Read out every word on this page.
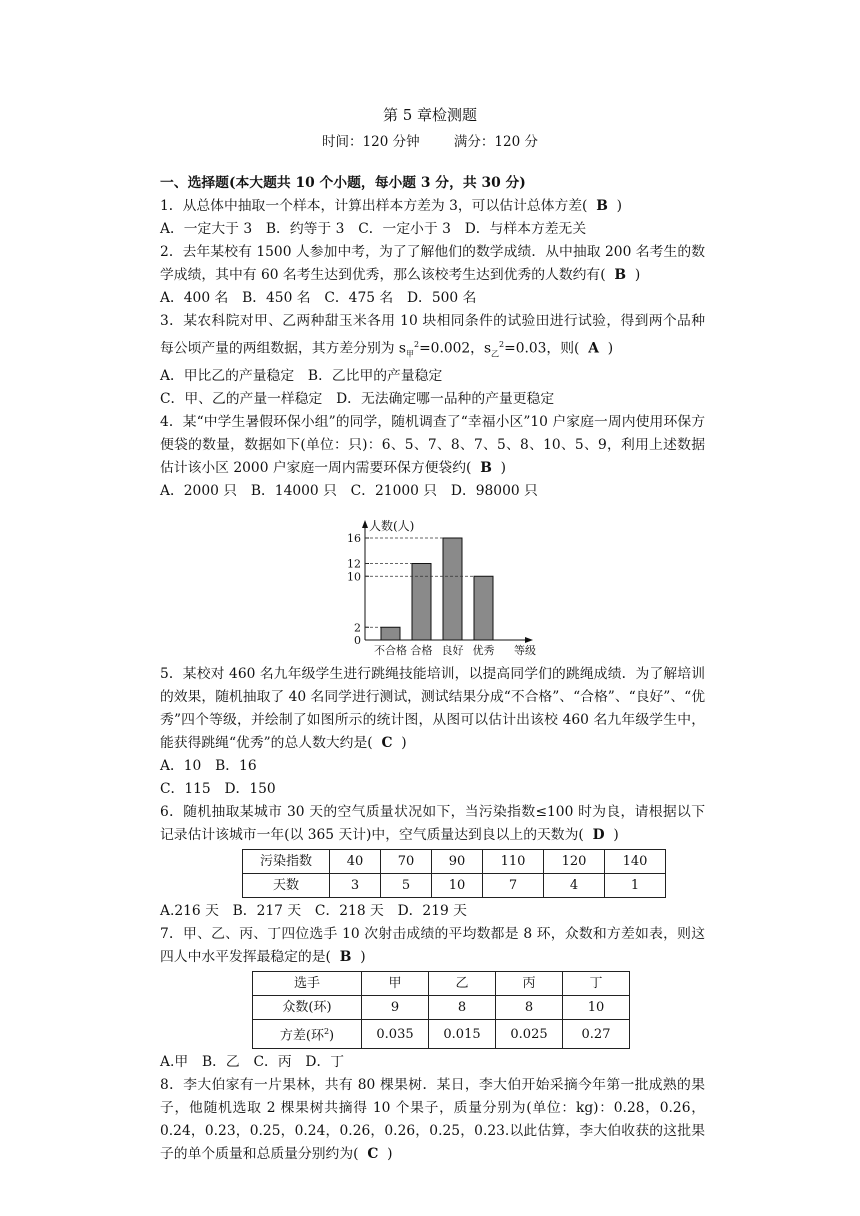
第 5 章检测题
时间：120 分钟        满分：120 分

一、选择题(本大题共 10 个小题，每小题 3 分，共 30 分)

1．从总体中抽取一个样本，计算出样本方差为 3，可以估计总体方差( B )

A．一定大于 3　B．约等于 3　C．一定小于 3　D．与样本方差无关

2．去年某校有 1500 人参加中考，为了了解他们的数学成绩．从中抽取 200 名考生的数学成绩，其中有 60 名考生达到优秀，那么该校考生达到优秀的人数约有( B )

A．400 名　B．450 名　C．475 名　D．500 名

3．某农科院对甲、乙两种甜玉米各用 10 块相同条件的试验田进行试验，得到两个品种每公顷产量的两组数据，其方差分别为 $s_甲^2=0.002$，$s_乙^2=0.03$，则( A )

A．甲比乙的产量稳定　B．乙比甲的产量稳定

C．甲、乙的产量一样稳定　D．无法确定哪一品种的产量更稳定

4．某“中学生暑假环保小组”的同学，随机调查了“幸福小区”10 户家庭一周内使用环保方便袋的数量，数据如下(单位：只)：6、5、7、8、7、5、8、10、5、9，利用上述数据估计该小区 2000 户家庭一周内需要环保方便袋约( B )

A．2000 只　B．14000 只　C．21000 只　D．98000 只

人数(人)
等级
0
2
10
12
16
不合格 合格 良好 优秀

5．某校对 460 名九年级学生进行跳绳技能培训，以提高同学们的跳绳成绩．为了解培训的效果，随机抽取了 40 名同学进行测试，测试结果分成“不合格”、“合格”、“良好”、“优秀”四个等级，并绘制了如图所示的统计图，从图可以估计出该校 460 名九年级学生中，能获得跳绳“优秀”的总人数大约是( C )

A．10　B．16

C．115　D．150

6．随机抽取某城市 30 天的空气质量状况如下，当污染指数≤100 时为良，请根据以下记录估计该城市一年(以 365 天计)中，空气质量达到良以上的天数为( D )

污染指数	40	70	90	110	120	140
天数	3	5	10	7	4	1

A.216 天　B．217 天　C．218 天　D．219 天

7．甲、乙、丙、丁四位选手 10 次射击成绩的平均数都是 8 环，众数和方差如表，则这四人中水平发挥最稳定的是( B )

选手	甲	乙	丙	丁
众数(环)	9	8	8	10
方差(环$^2$)	0.035	0.015	0.025	0.27

A.甲　B．乙　C．丙　D．丁

8．李大伯家有一片果林，共有 80 棵果树．某日，李大伯开始采摘今年第一批成熟的果子，他随机选取 2 棵果树共摘得 10 个果子，质量分别为(单位：kg)：0.28，0.26，0.24，0.23，0.25，0.24，0.26，0.26，0.25，0.23.以此估算，李大伯收获的这批果子的单个质量和总质量分别约为( C )
